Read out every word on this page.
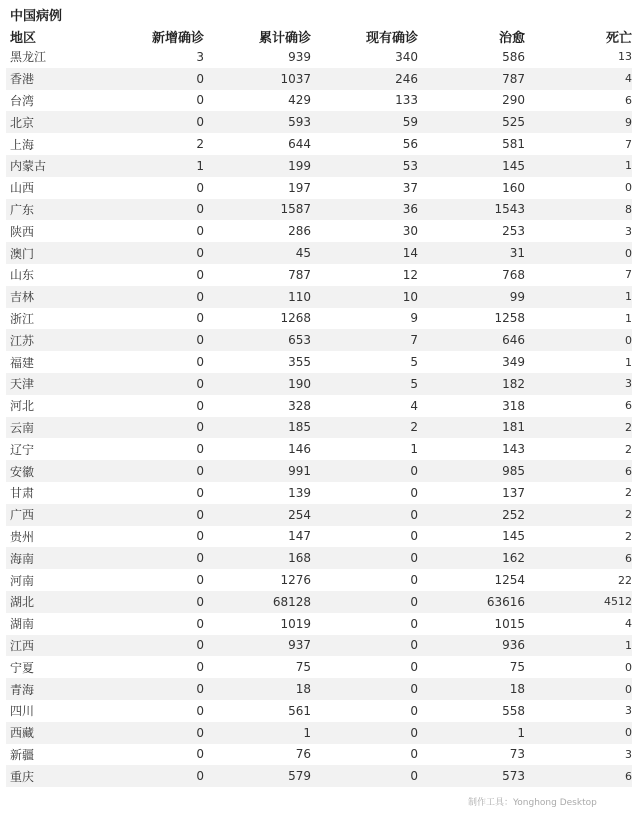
中国病例
地区	新增确诊	累计确诊	现有确诊	治愈	死亡
黑龙江	3	939	340	586	13
香港	0	1037	246	787	4
台湾	0	429	133	290	6
北京	0	593	59	525	9
上海	2	644	56	581	7
内蒙古	1	199	53	145	1
山西	0	197	37	160	0
广东	0	1587	36	1543	8
陕西	0	286	30	253	3
澳门	0	45	14	31	0
山东	0	787	12	768	7
吉林	0	110	10	99	1
浙江	0	1268	9	1258	1
江苏	0	653	7	646	0
福建	0	355	5	349	1
天津	0	190	5	182	3
河北	0	328	4	318	6
云南	0	185	2	181	2
辽宁	0	146	1	143	2
安徽	0	991	0	985	6
甘肃	0	139	0	137	2
广西	0	254	0	252	2
贵州	0	147	0	145	2
海南	0	168	0	162	6
河南	0	1276	0	1254	22
湖北	0	68128	0	63616	4512
湖南	0	1019	0	1015	4
江西	0	937	0	936	1
宁夏	0	75	0	75	0
青海	0	18	0	18	0
四川	0	561	0	558	3
西藏	0	1	0	1	0
新疆	0	76	0	73	3
重庆	0	579	0	573	6
制作工具：Yonghong Desktop
